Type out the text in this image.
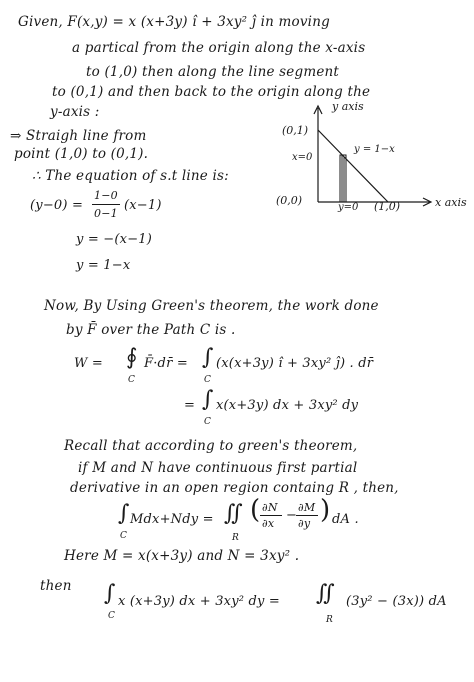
Given, F(x,y) = x (x+3y) î + 3xy² ĵ in moving
a partical from the origin along the x-axis
to (1,0) then along the line segment
to (0,1) and then back to the origin along the
y-axis :	y axis
x axis
(0,1)
(0,0)	(1,0)
x=0
y=0
y = 1−x
⇒ Straigh line from
point (1,0) to (0,1).
∴ The equation of s.t line is:
(y−0) =
1−0
0−1
(x−1)
y = −(x−1)
y = 1−x
Now, By Using Green's theorem, the work done
by F̄ over the Path C is .
W = ∮
C
F̄·dr̄ = ∫
C
(x(x+3y) î + 3xy² ĵ) . dr̄
= ∫
C
x(x+3y) dx + 3xy² dy
Recall that according to green's theorem,
if M and N have continuous first partial
derivative in an open region containg R , then,
∫
C
Mdx+Ndy = ∬
R
( ∂N
∂x
−
∂M
∂y ) dA .
Here M = x(x+3y) and N = 3xy² .
then ∫
C
x (x+3y) dx + 3xy² dy = ∬
R
(3y² − (3x)) dA
